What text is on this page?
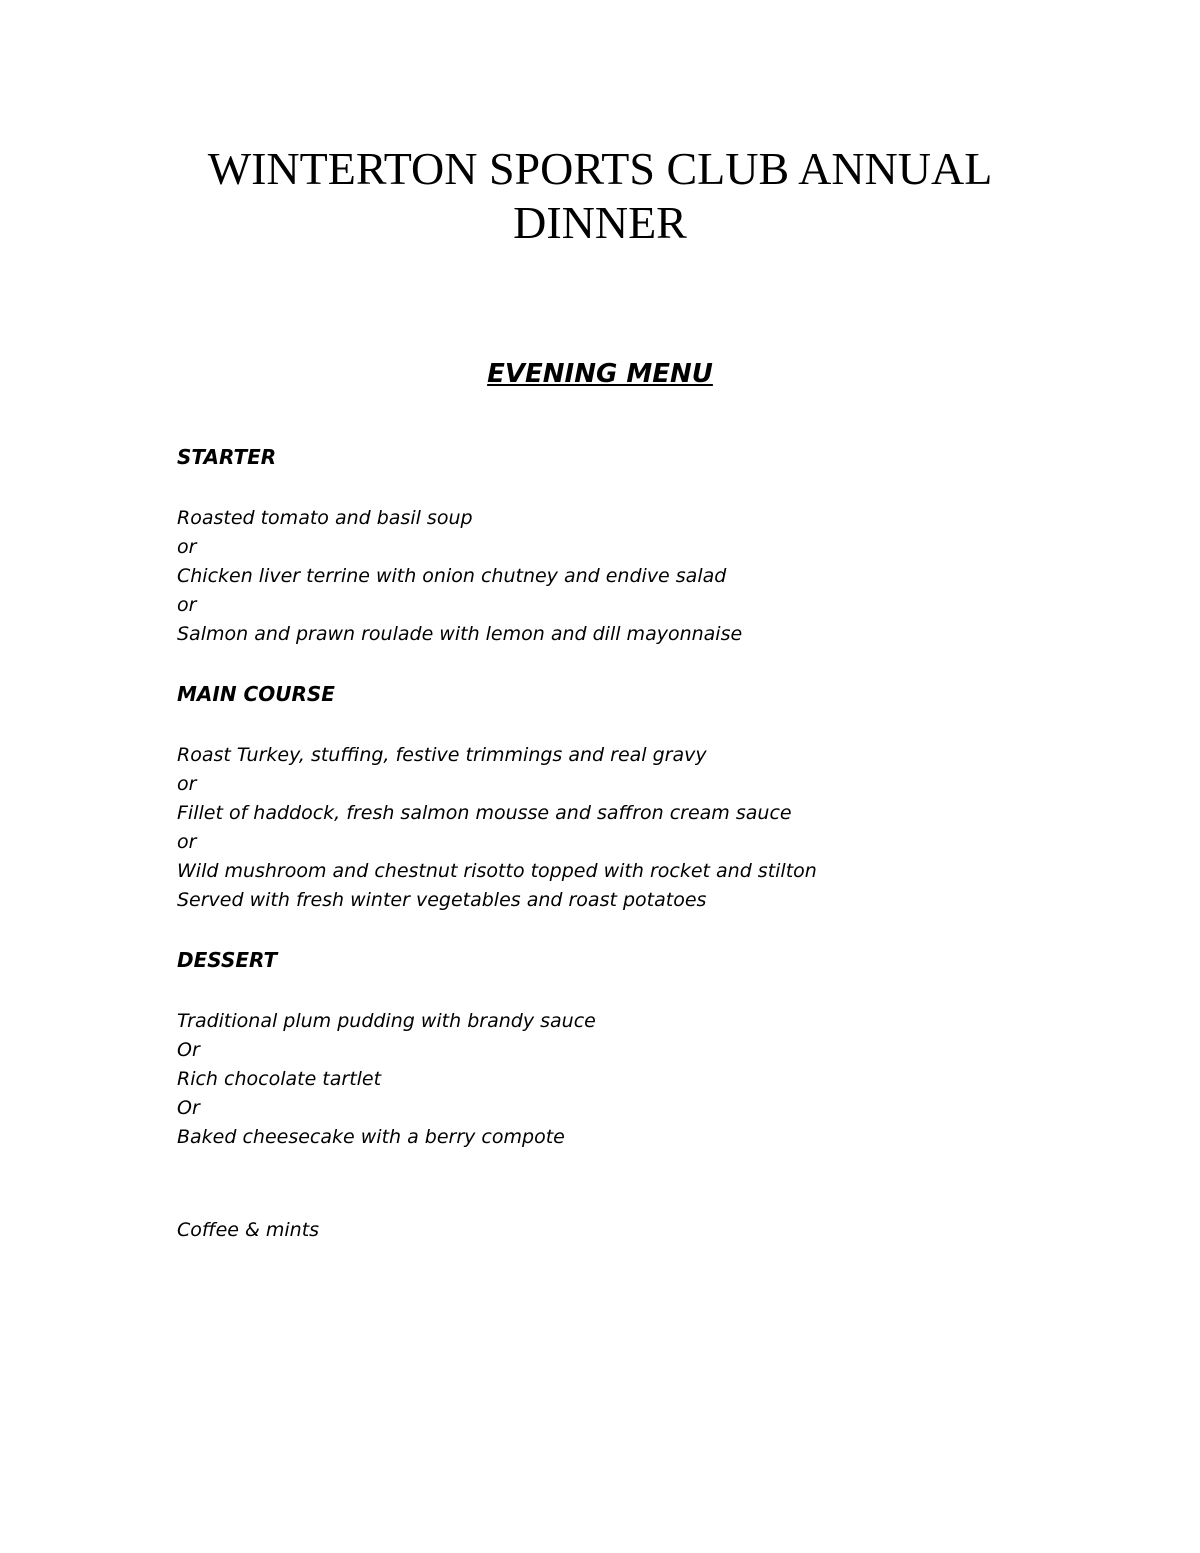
WINTERTON SPORTS CLUB ANNUAL
DINNER
EVENING MENU
STARTER
Roasted tomato and basil soup
or
Chicken liver terrine with onion chutney and endive salad
or
Salmon and prawn roulade with lemon and dill mayonnaise
MAIN COURSE
Roast Turkey, stuffing, festive trimmings and real gravy
or
Fillet of haddock, fresh salmon mousse and saffron cream sauce
or
Wild mushroom and chestnut risotto topped with rocket and stilton
Served with fresh winter vegetables and roast potatoes
DESSERT
Traditional plum pudding with brandy sauce
Or
Rich chocolate tartlet
Or
Baked cheesecake with a berry compote
Coffee & mints
